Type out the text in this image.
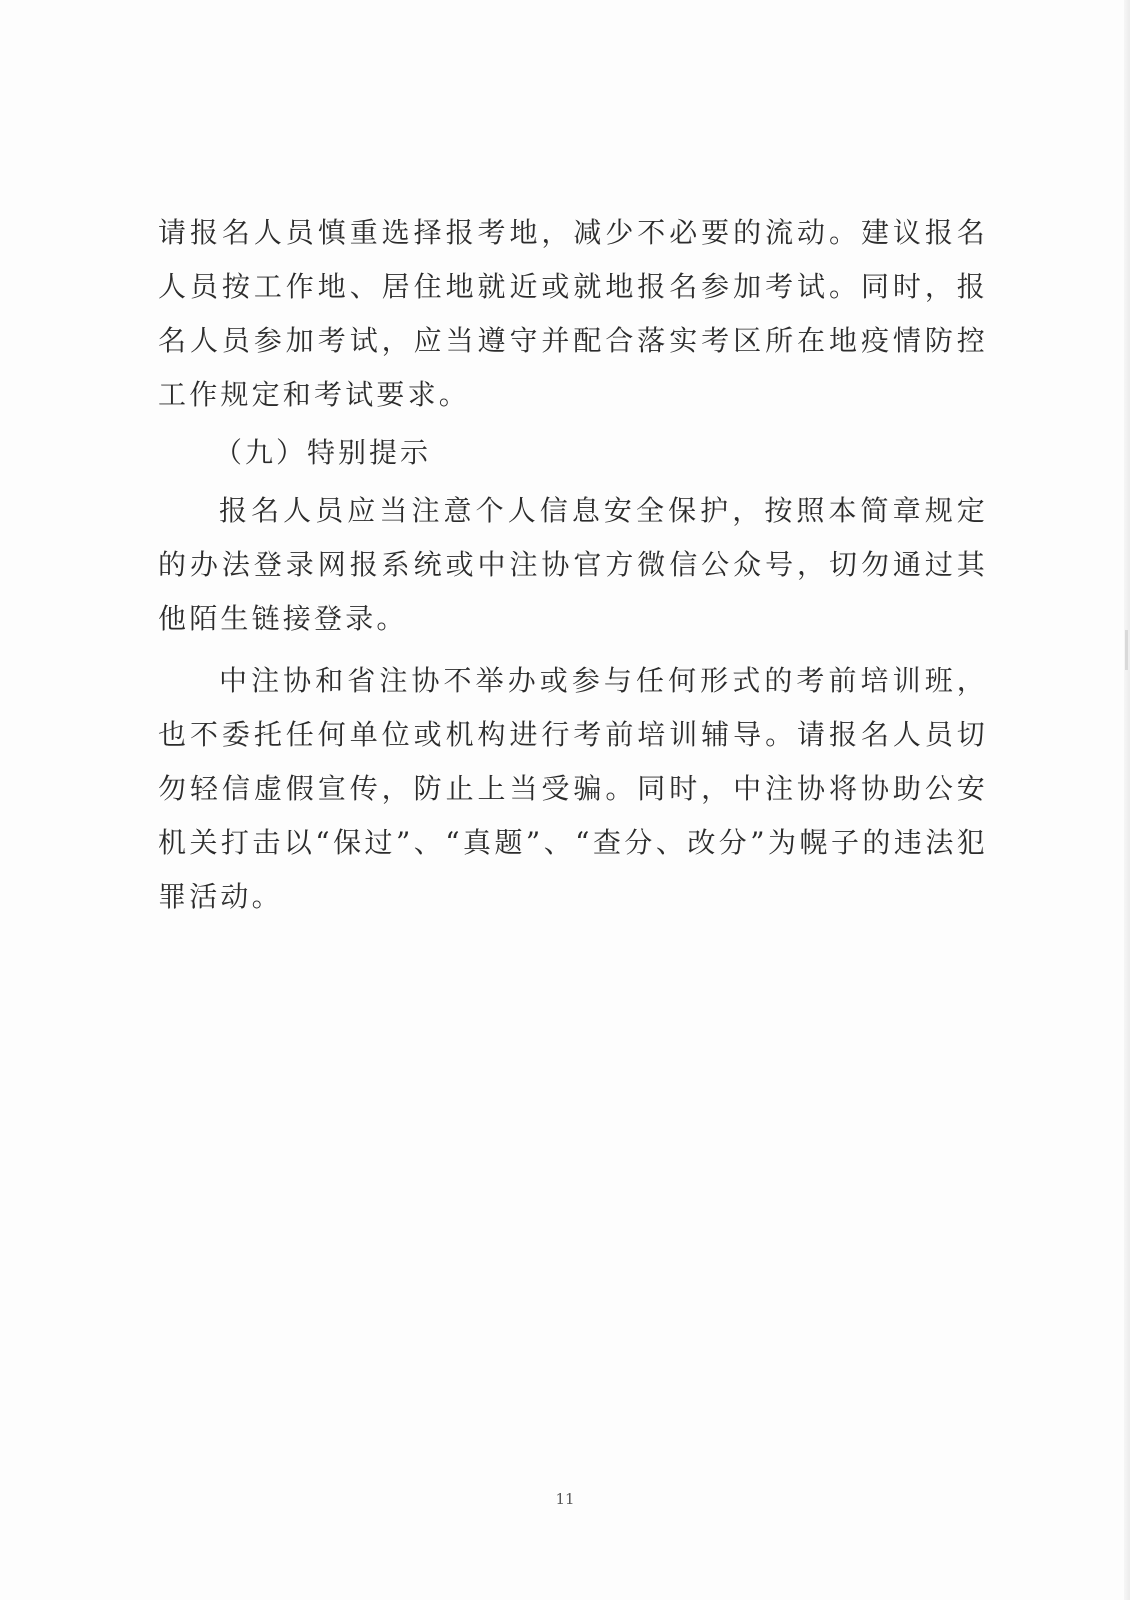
请报名人员慎重选择报考地，减少不必要的流动。建议报名人员按工作地、居住地就近或就地报名参加考试。同时，报名人员参加考试，应当遵守并配合落实考区所在地疫情防控工作规定和考试要求。

（九）特别提示

报名人员应当注意个人信息安全保护，按照本简章规定的办法登录网报系统或中注协官方微信公众号，切勿通过其他陌生链接登录。

中注协和省注协不举办或参与任何形式的考前培训班，也不委托任何单位或机构进行考前培训辅导。请报名人员切勿轻信虚假宣传，防止上当受骗。同时，中注协将协助公安机关打击以“保过”、“真题”、“查分、改分”为幌子的违法犯罪活动。

11
